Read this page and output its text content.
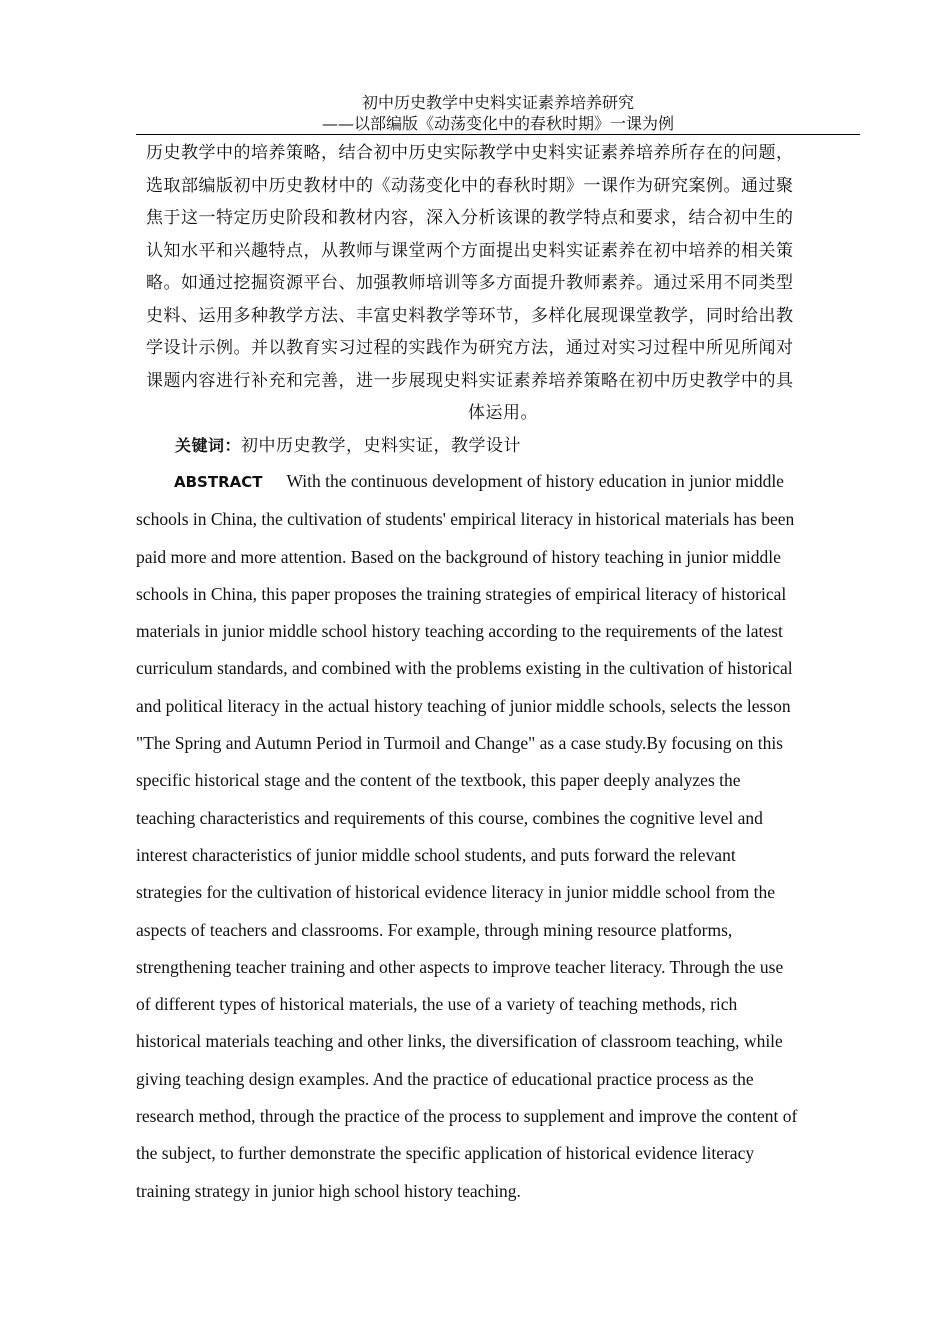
初中历史教学中史料实证素养培养研究
——以部编版《动荡变化中的春秋时期》一课为例
历史教学中的培养策略，结合初中历史实际教学中史料实证素养培养所存在的问题，
选取部编版初中历史教材中的《动荡变化中的春秋时期》一课作为研究案例。通过聚
焦于这一特定历史阶段和教材内容，深入分析该课的教学特点和要求，结合初中生的
认知水平和兴趣特点，从教师与课堂两个方面提出史料实证素养在初中培养的相关策
略。如通过挖掘资源平台、加强教师培训等多方面提升教师素养。通过采用不同类型
史料、运用多种教学方法、丰富史料教学等环节，多样化展现课堂教学，同时给出教
学设计示例。并以教育实习过程的实践作为研究方法，通过对实习过程中所见所闻对
课题内容进行补充和完善，进一步展现史料实证素养培养策略在初中历史教学中的具
体运用。
关键词：初中历史教学，史料实证，教学设计
ABSTRACT With the continuous development of history education in junior middle
schools in China, the cultivation of students' empirical literacy in historical materials has been
paid more and more attention. Based on the background of history teaching in junior middle
schools in China, this paper proposes the training strategies of empirical literacy of historical
materials in junior middle school history teaching according to the requirements of the latest
curriculum standards, and combined with the problems existing in the cultivation of historical
and political literacy in the actual history teaching of junior middle schools, selects the lesson
"The Spring and Autumn Period in Turmoil and Change" as a case study.By focusing on this
specific historical stage and the content of the textbook, this paper deeply analyzes the
teaching characteristics and requirements of this course, combines the cognitive level and
interest characteristics of junior middle school students, and puts forward the relevant
strategies for the cultivation of historical evidence literacy in junior middle school from the
aspects of teachers and classrooms. For example, through mining resource platforms,
strengthening teacher training and other aspects to improve teacher literacy. Through the use
of different types of historical materials, the use of a variety of teaching methods, rich
historical materials teaching and other links, the diversification of classroom teaching, while
giving teaching design examples. And the practice of educational practice process as the
research method, through the practice of the process to supplement and improve the content of
the subject, to further demonstrate the specific application of historical evidence literacy
training strategy in junior high school history teaching.
